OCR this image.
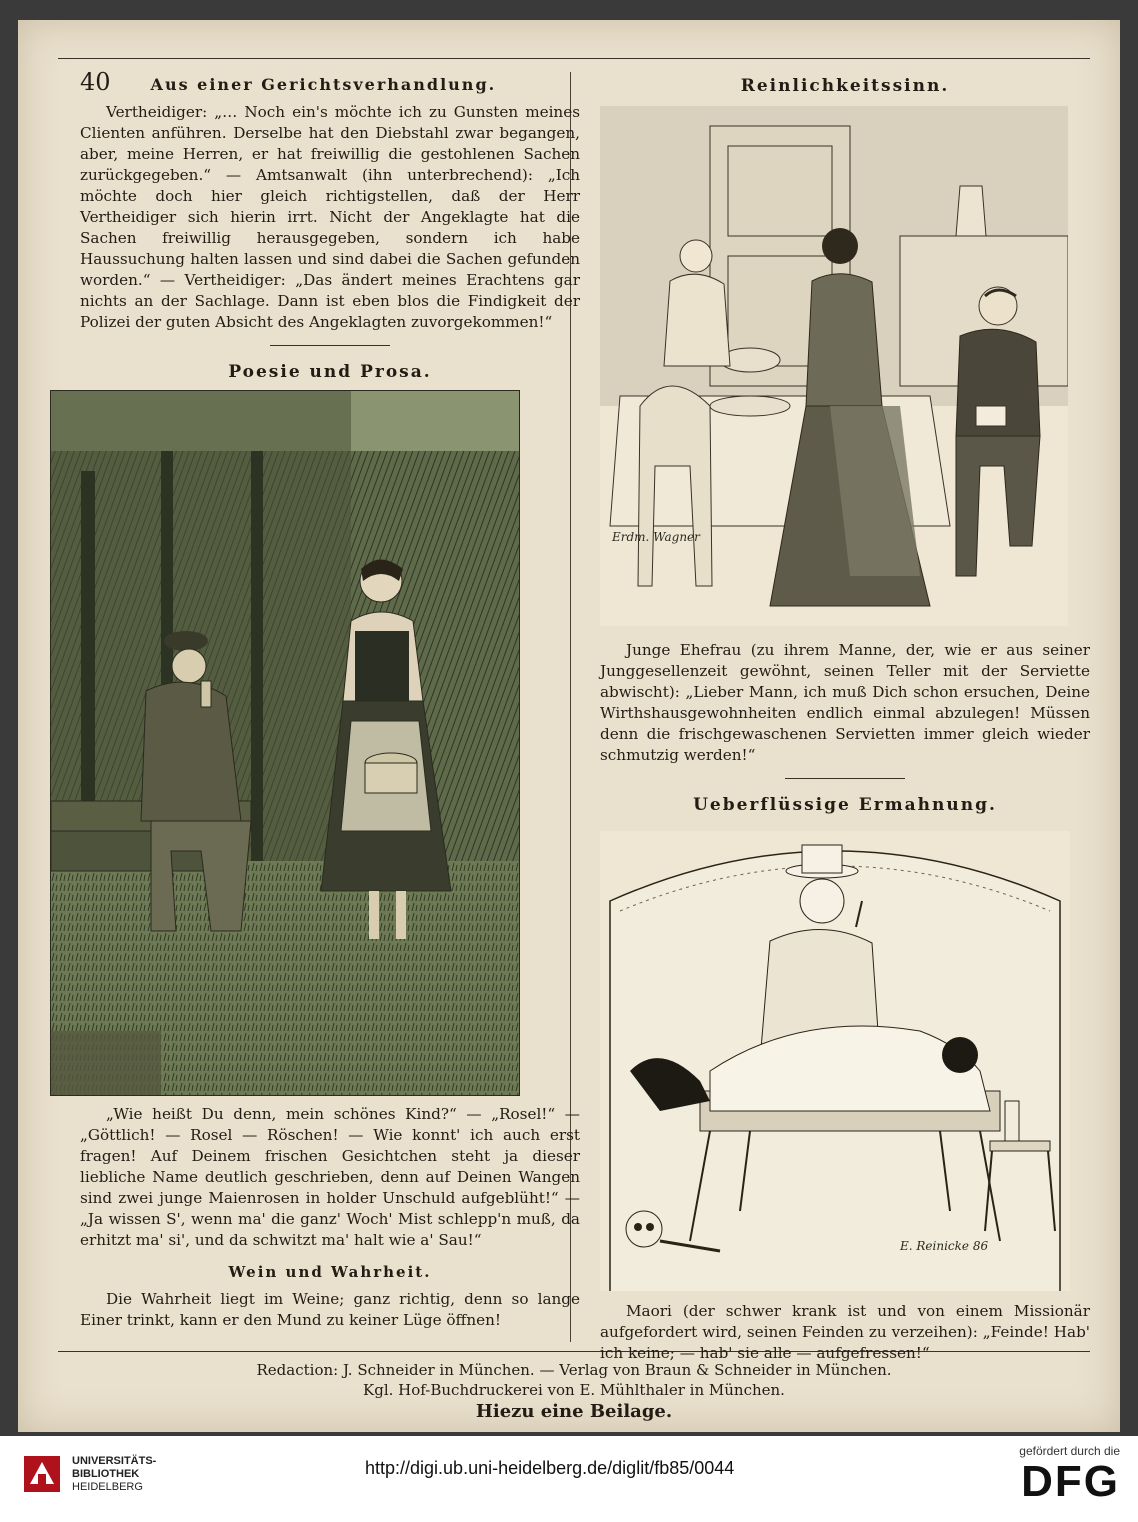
40	Aus einer Gerichtsverhandlung.

Vertheidiger: „… Noch ein's möchte ich zu Gunsten meines Clienten anführen. Derselbe hat den Diebstahl zwar begangen, aber, meine Herren, er hat freiwillig die gestohlenen Sachen zurückgegeben.“ — Amtsanwalt (ihn unterbrechend): „Ich möchte doch hier gleich richtigstellen, daß der Herr Vertheidiger sich hierin irrt. Nicht der Angeklagte hat die Sachen freiwillig herausgegeben, sondern ich habe Haussuchung halten lassen und sind dabei die Sachen gefunden worden.“ — Vertheidiger: „Das ändert meines Erachtens gar nichts an der Sachlage. Dann ist eben blos die Findigkeit der Polizei der guten Absicht des Angeklagten zuvorgekommen!“

Poesie und Prosa.

„Wie heißt Du denn, mein schönes Kind?“ — „Rosel!“ — „Göttlich! — Rosel — Röschen! — Wie konnt' ich auch erst fragen! Auf Deinem frischen Gesichtchen steht ja dieser liebliche Name deutlich geschrieben, denn auf Deinen Wangen sind zwei junge Maienrosen in holder Unschuld aufgeblüht!“ — „Ja wissen S', wenn ma' die ganz' Woch' Mist schlepp'n muß, da erhitzt ma' si', und da schwitzt ma' halt wie a' Sau!“

Wein und Wahrheit.

Die Wahrheit liegt im Weine; ganz richtig, denn so lange Einer trinkt, kann er den Mund zu keiner Lüge öffnen!

Reinlichkeitssinn.
Erdm. Wagner

Junge Ehefrau (zu ihrem Manne, der, wie er aus seiner Junggesellenzeit gewöhnt, seinen Teller mit der Serviette abwischt): „Lieber Mann, ich muß Dich schon ersuchen, Deine Wirthshausgewohnheiten endlich einmal abzulegen! Müssen denn die frischgewaschenen Servietten immer gleich wieder schmutzig werden!“

Ueberflüssige Ermahnung.
E. Reinicke 86

Maori (der schwer krank ist und von einem Missionär aufgefordert wird, seinen Feinden zu verzeihen): „Feinde! Hab' ich keine; — hab' sie alle — aufgefressen!“

Redaction: J. Schneider in München. — Verlag von Braun & Schneider in München.
Kgl. Hof-Buchdruckerei von E. Mühlthaler in München.
Hiezu eine Beilage.
UNIVERSITÄTS-
BIBLIOTHEK
HEIDELBERG
http://digi.ub.uni-heidelberg.de/diglit/fb85/0044
gefördert durch die
DFG
